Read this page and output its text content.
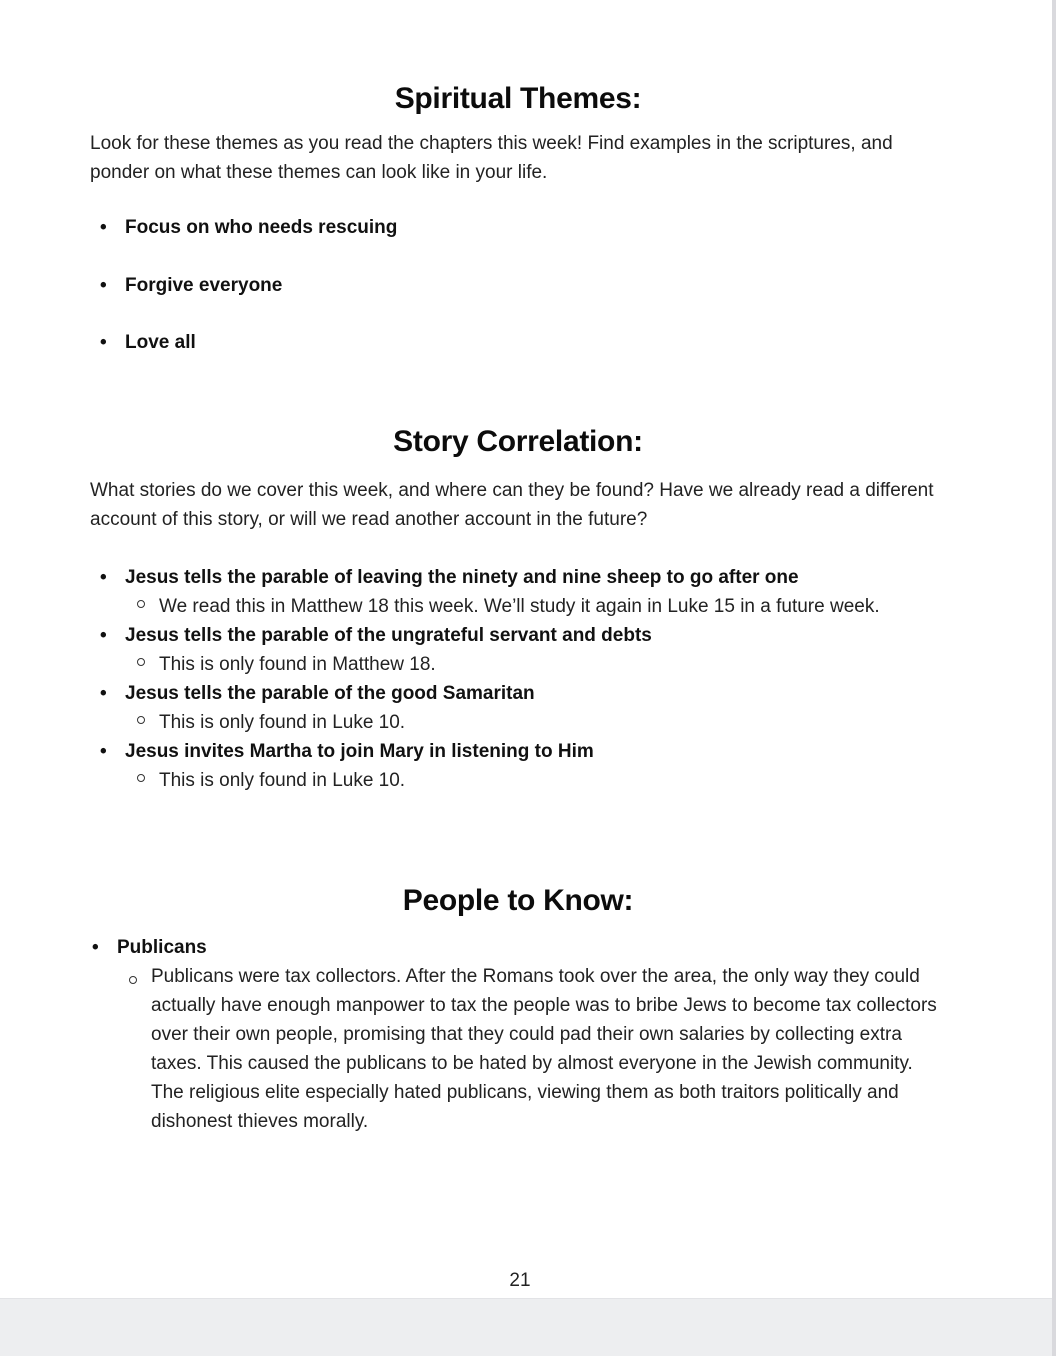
Spiritual Themes:

Look for these themes as you read the chapters this week! Find examples in the scriptures, and ponder on what these themes can look like in your life.

• Focus on who needs rescuing
• Forgive everyone
• Love all
Story Correlation:

What stories do we cover this week, and where can they be found? Have we already read a different account of this story, or will we read another account in the future?

• Jesus tells the parable of leaving the ninety and nine sheep to go after one
We read this in Matthew 18 this week. We’ll study it again in Luke 15 in a future week.
• Jesus tells the parable of the ungrateful servant and debts
This is only found in Matthew 18.
• Jesus tells the parable of the good Samaritan
This is only found in Luke 10.
• Jesus invites Martha to join Mary in listening to Him
This is only found in Luke 10.
People to Know:
• Publicans
Publicans were tax collectors. After the Romans took over the area, the only way they could actually have enough manpower to tax the people was to bribe Jews to become tax collectors over their own people, promising that they could pad their own salaries by collecting extra taxes. This caused the publicans to be hated by almost everyone in the Jewish community. The religious elite especially hated publicans, viewing them as both traitors politically and dishonest thieves morally.
21
